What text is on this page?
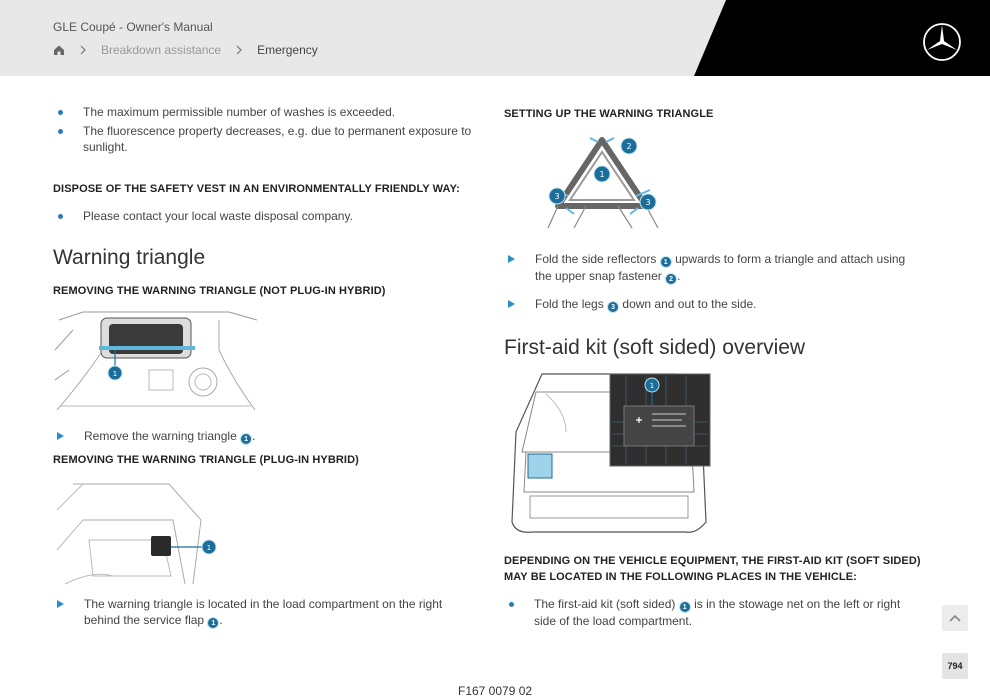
GLE Coupé - Owner's Manual
Breakdown assistance	Emergency
The maximum permissible number of washes is exceeded.
The fluorescence property decreases, e.g. due to permanent exposure to sunlight.
DISPOSE OF THE SAFETY VEST IN AN ENVIRONMENTALLY FRIENDLY WAY:
Please contact your local waste disposal company.
Warning triangle
REMOVING THE WARNING TRIANGLE (NOT PLUG-IN HYBRID)
1
Remove the warning triangle 1 .
REMOVING THE WARNING TRIANGLE (PLUG-IN HYBRID)
1
The warning triangle is located in the load compartment on the right behind the service flap 1 .
SETTING UP THE WARNING TRIANGLE
1
2
3
3
Fold the side reflectors 1 upwards to form a triangle and attach using the upper snap fastener 2 .
Fold the legs 3 down and out to the side.
First-aid kit (soft sided) overview
1
DEPENDING ON THE VEHICLE EQUIPMENT, THE FIRST-AID KIT (SOFT SIDED) MAY BE LOCATED IN THE FOLLOWING PLACES IN THE VEHICLE:
The first-aid kit (soft sided) 1 is in the stowage net on the left or right side of the load compartment.
794
F167 0079 02
